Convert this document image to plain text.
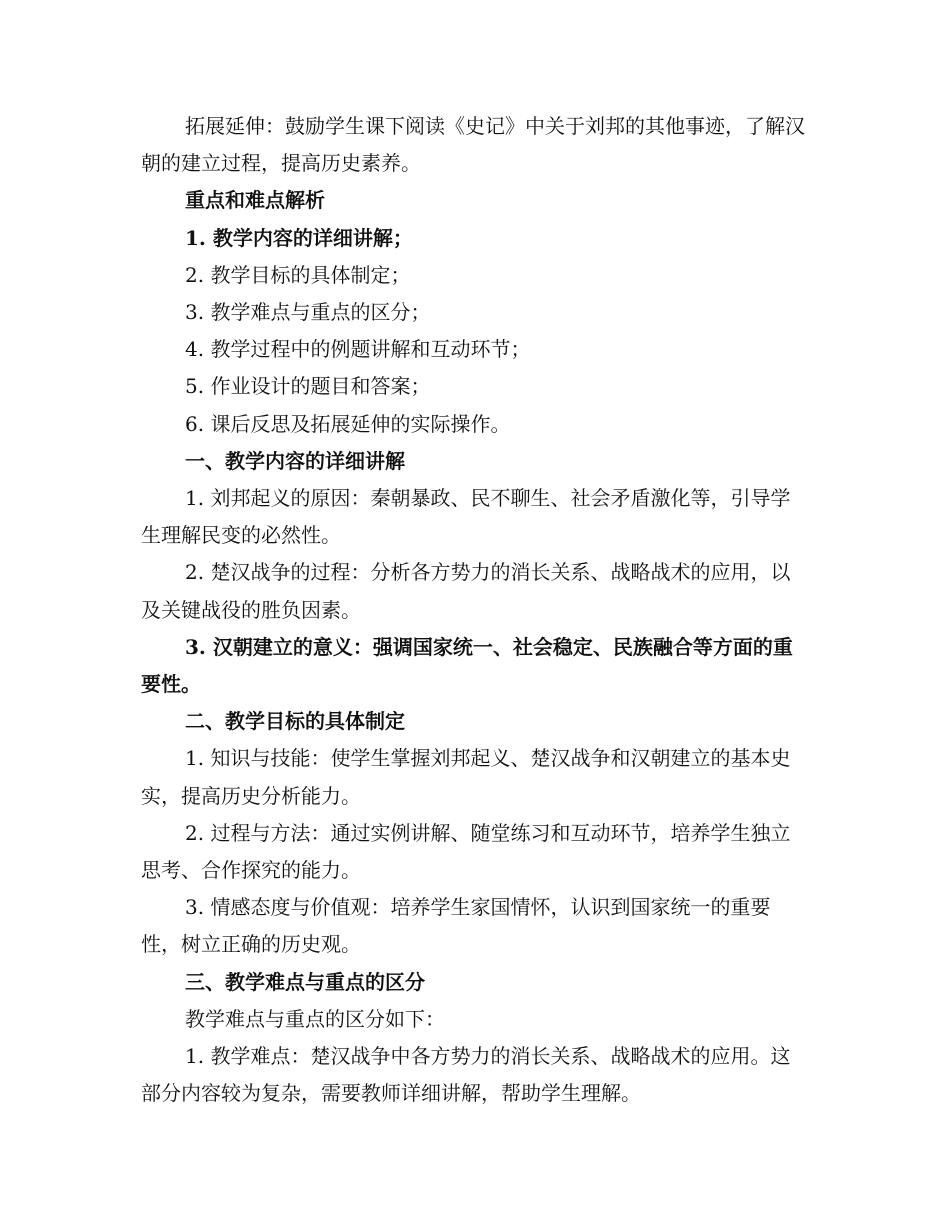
拓展延伸：鼓励学生课下阅读《史记》中关于刘邦的其他事迹，了解汉朝的建立过程，提高历史素养。

重点和难点解析

1. 教学内容的详细讲解；

2. 教学目标的具体制定；

3. 教学难点与重点的区分；

4. 教学过程中的例题讲解和互动环节；

5. 作业设计的题目和答案；

6. 课后反思及拓展延伸的实际操作。

一、教学内容的详细讲解

1. 刘邦起义的原因：秦朝暴政、民不聊生、社会矛盾激化等，引导学生理解民变的必然性。

2. 楚汉战争的过程：分析各方势力的消长关系、战略战术的应用，以及关键战役的胜负因素。

3. 汉朝建立的意义：强调国家统一、社会稳定、民族融合等方面的重要性。

二、教学目标的具体制定

1. 知识与技能：使学生掌握刘邦起义、楚汉战争和汉朝建立的基本史实，提高历史分析能力。

2. 过程与方法：通过实例讲解、随堂练习和互动环节，培养学生独立思考、合作探究的能力。

3. 情感态度与价值观：培养学生家国情怀，认识到国家统一的重要性，树立正确的历史观。

三、教学难点与重点的区分

教学难点与重点的区分如下：

1. 教学难点：楚汉战争中各方势力的消长关系、战略战术的应用。这部分内容较为复杂，需要教师详细讲解，帮助学生理解。
